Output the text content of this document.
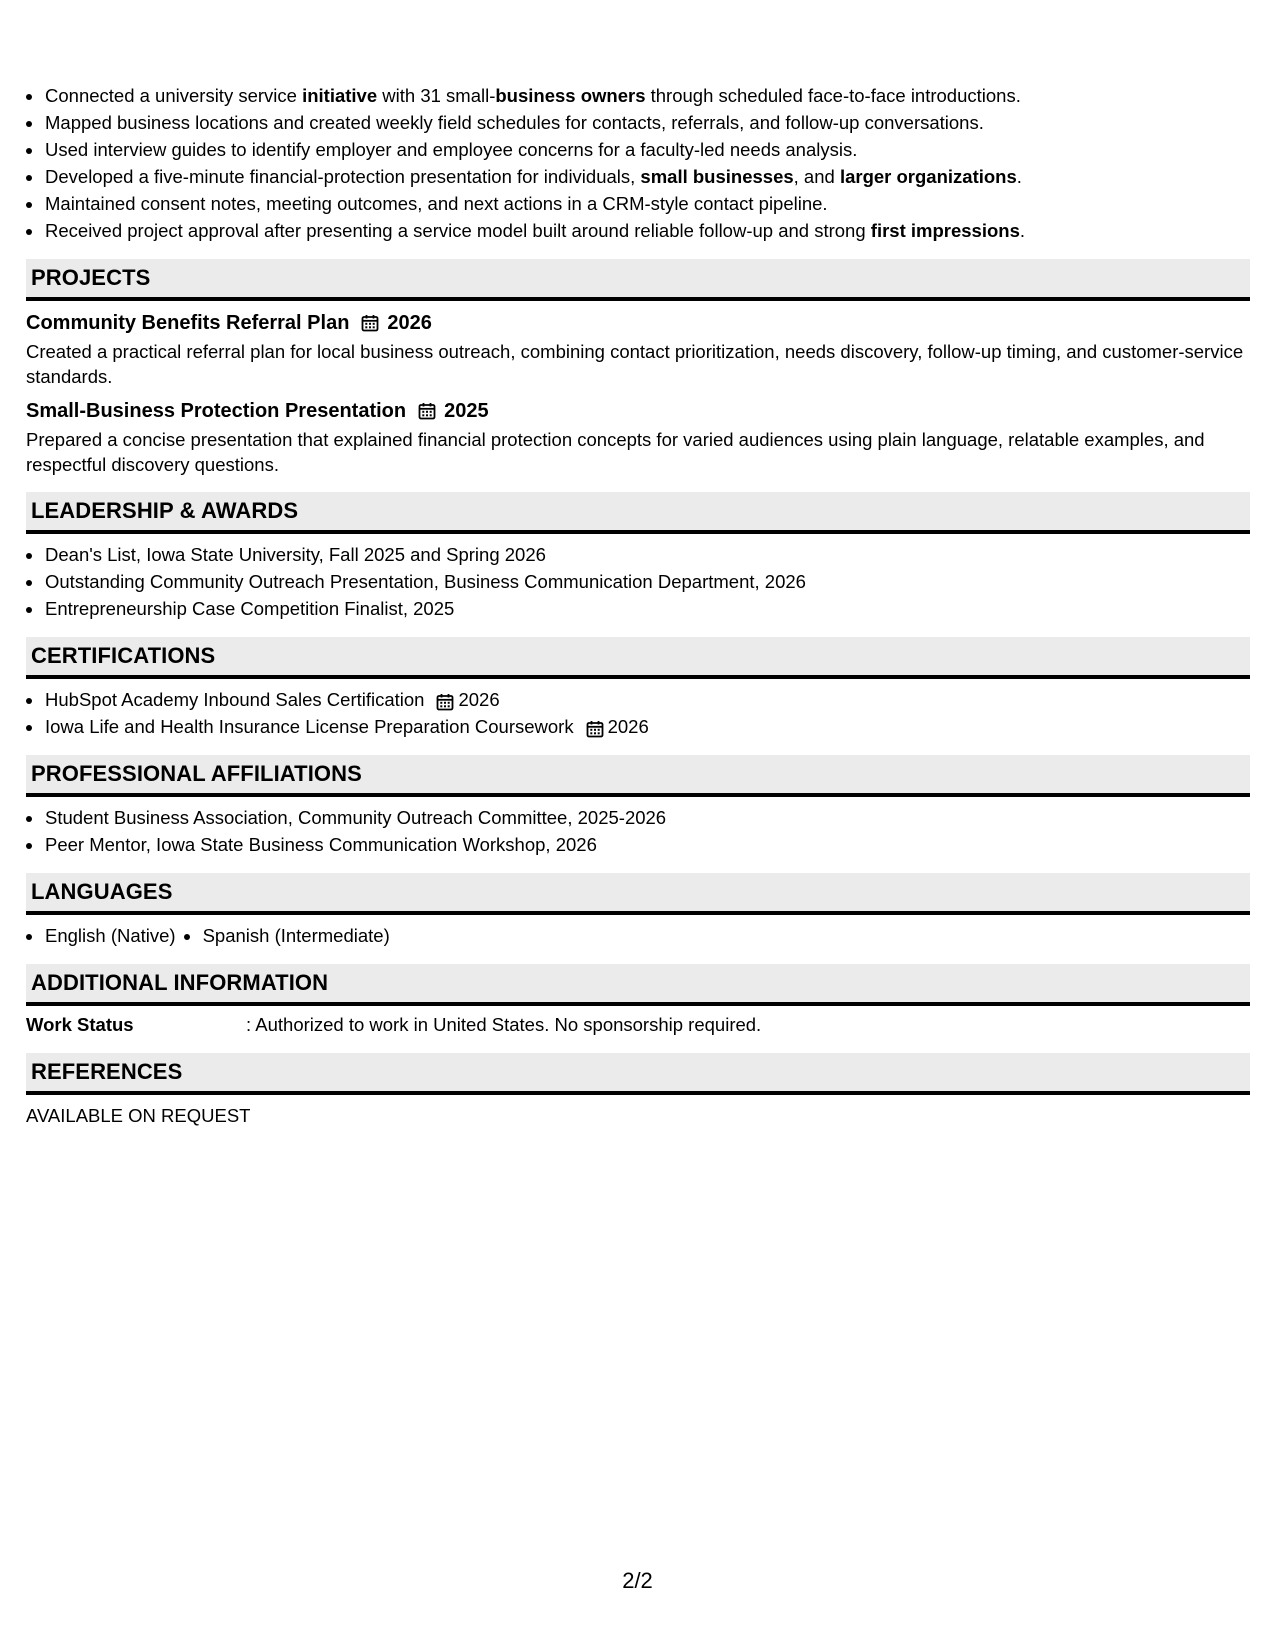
• Connected a university service initiative with 31 small-business owners through scheduled face-to-face introductions.
• Mapped business locations and created weekly field schedules for contacts, referrals, and follow-up conversations.
• Used interview guides to identify employer and employee concerns for a faculty-led needs analysis.
• Developed a five-minute financial-protection presentation for individuals, small businesses, and larger organizations.
• Maintained consent notes, meeting outcomes, and next actions in a CRM-style contact pipeline.
• Received project approval after presenting a service model built around reliable follow-up and strong first impressions.
PROJECTS
Community Benefits Referral Plan 2026
Created a practical referral plan for local business outreach, combining contact prioritization, needs discovery, follow-up timing, and customer-service standards.
Small-Business Protection Presentation 2025
Prepared a concise presentation that explained financial protection concepts for varied audiences using plain language, relatable examples, and respectful discovery questions.
LEADERSHIP & AWARDS
• Dean's List, Iowa State University, Fall 2025 and Spring 2026
• Outstanding Community Outreach Presentation, Business Communication Department, 2026
• Entrepreneurship Case Competition Finalist, 2025
CERTIFICATIONS
• HubSpot Academy Inbound Sales Certification 2026
• Iowa Life and Health Insurance License Preparation Coursework 2026
PROFESSIONAL AFFILIATIONS
• Student Business Association, Community Outreach Committee, 2025-2026
• Peer Mentor, Iowa State Business Communication Workshop, 2026
LANGUAGES
• English (Native)
• Spanish (Intermediate)
ADDITIONAL INFORMATION
Work Status	: Authorized to work in United States. No sponsorship required.
REFERENCES
AVAILABLE ON REQUEST
2/2
